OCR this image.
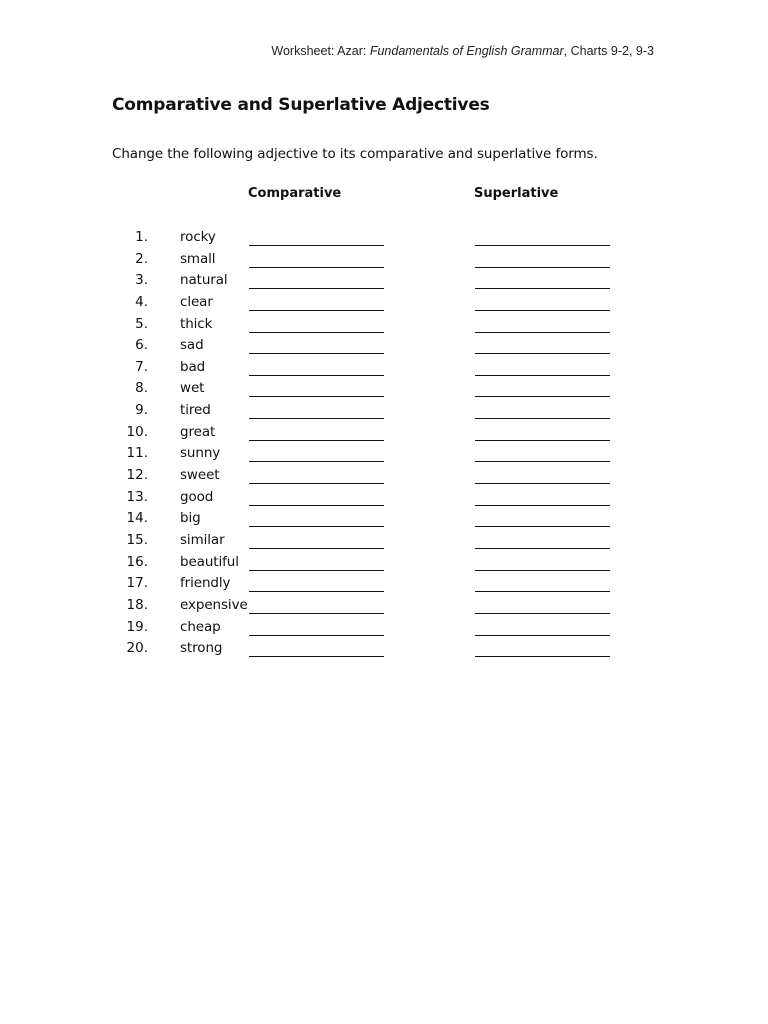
Worksheet: Azar: Fundamentals of English Grammar, Charts 9-2, 9-3
Comparative and Superlative Adjectives
Change the following adjective to its comparative and superlative forms.
Comparative	Superlative
1. rocky
2. small
3. natural
4. clear
5. thick
6. sad
7. bad
8. wet
9. tired
10. great
11. sunny
12. sweet
13. good
14. big
15. similar
16. beautiful
17. friendly
18. expensive
19. cheap
20. strong
